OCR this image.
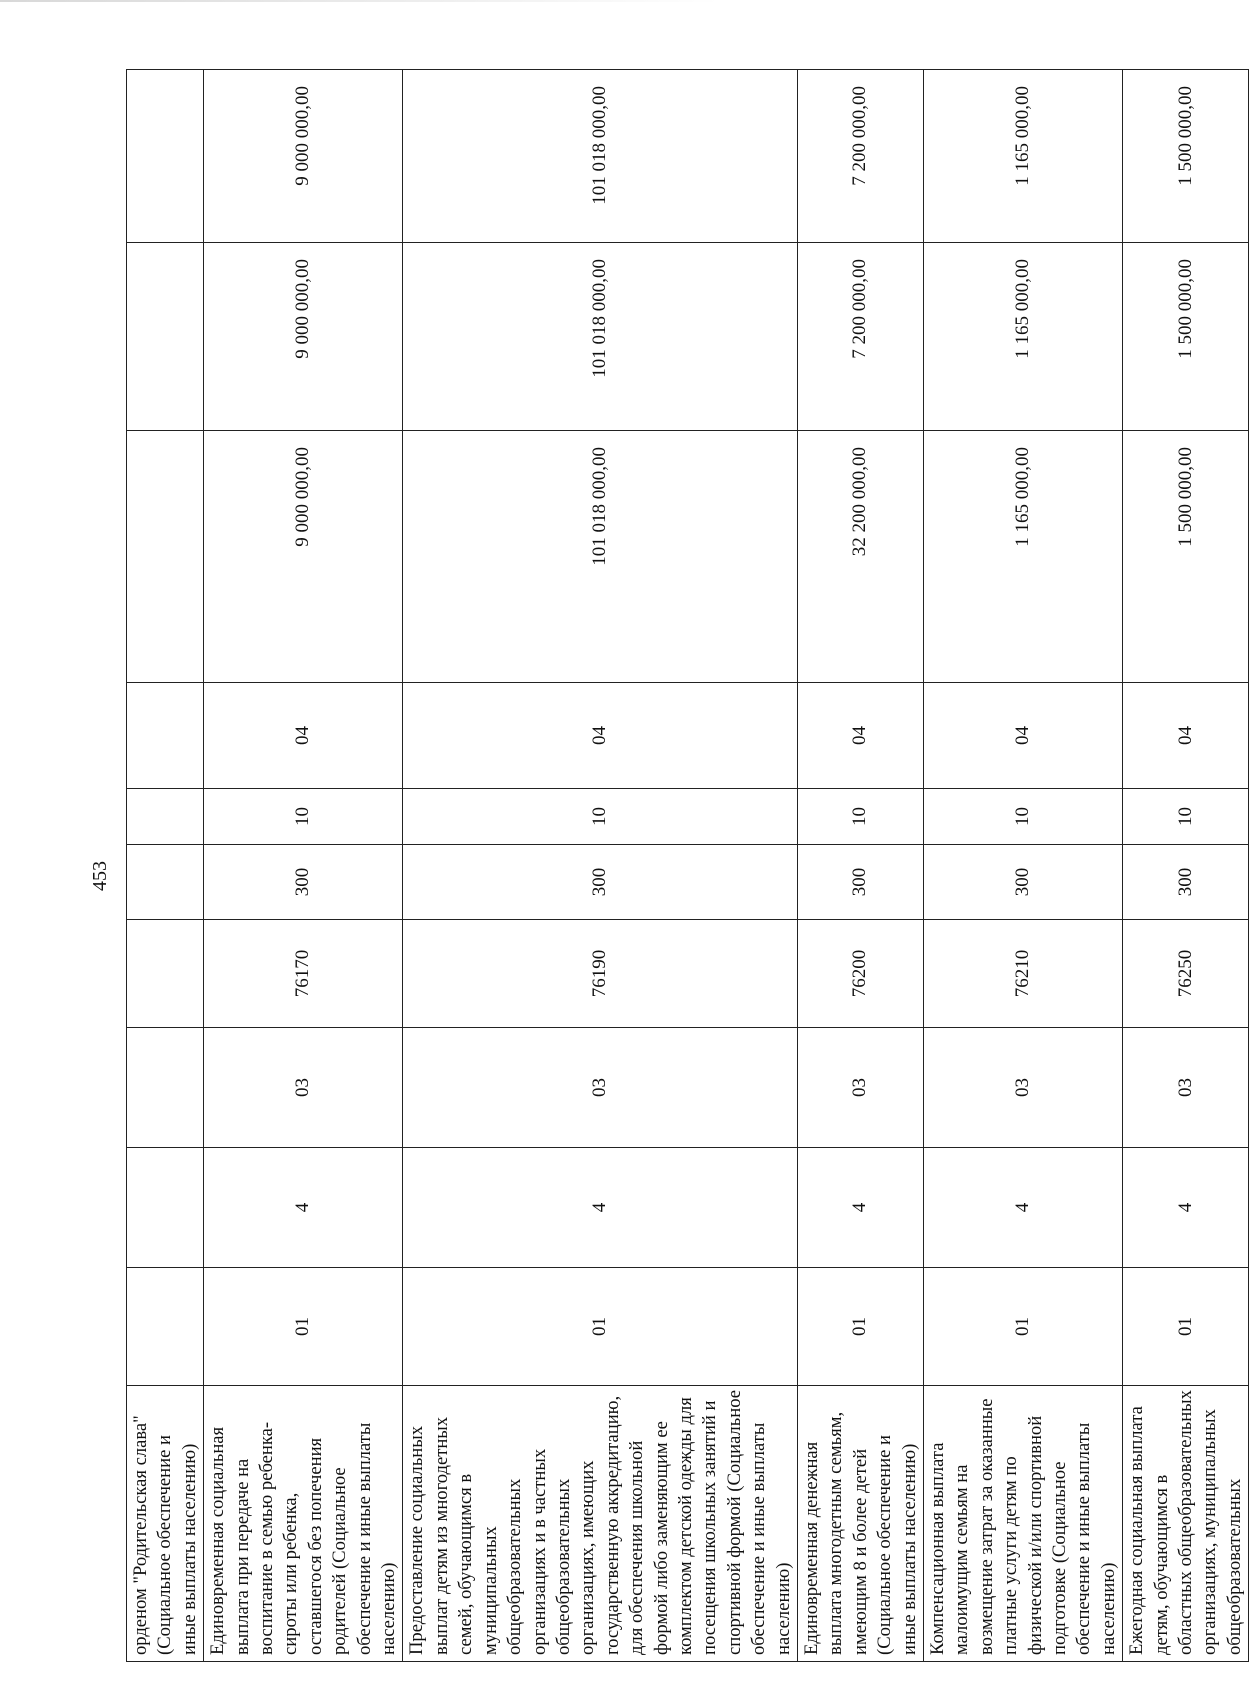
453
орденом "Родительская слава"
(Социальное обеспечение и иные выплаты населению)										
Единовременная социальная выплата при передаче на воспитание в семью ребенка-сироты или ребенка, оставшегося без попечения родителей (Социальное обеспечение и иные выплаты населению)	01	4	03	76170	300	10	04	9 000 000,00	9 000 000,00	9 000 000,00
Предоставление социальных выплат детям из многодетных семей, обучающимся в муниципальных общеобразовательных организациях и в частных общеобразовательных организациях, имеющих государственную аккредитацию, для обеспечения школьной формой либо заменяющим ее комплектом детской одежды для посещения школьных занятий и спортивной формой (Социальное обеспечение и иные выплаты населению)	01	4	03	76190	300	10	04	101 018 000,00	101 018 000,00	101 018 000,00
Единовременная денежная выплата многодетным семьям, имеющим 8 и более детей (Социальное обеспечение и иные выплаты населению)	01	4	03	76200	300	10	04	32 200 000,00	7 200 000,00	7 200 000,00
Компенсационная выплата малоимущим семьям на возмещение затрат за оказанные платные услуги детям по физической и/или спортивной подготовке (Социальное обеспечение и иные выплаты населению)	01	4	03	76210	300	10	04	1 165 000,00	1 165 000,00	1 165 000,00
Ежегодная социальная выплата детям, обучающимся в областных общеобразовательных организациях, муниципальных общеобразовательных	01	4	03	76250	300	10	04	1 500 000,00	1 500 000,00	1 500 000,00
